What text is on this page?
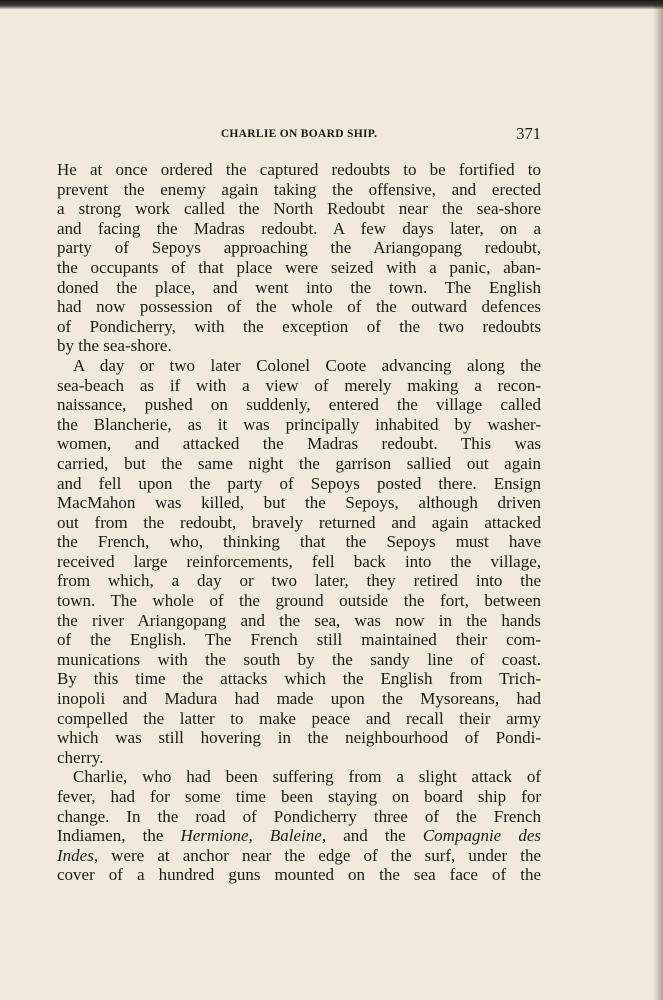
CHARLIE ON BOARD SHIP.	371
He at once ordered the captured redoubts to be fortified to
prevent the enemy again taking the offensive, and erected
a strong work called the North Redoubt near the sea-shore
and facing the Madras redoubt. A few days later, on a
party of Sepoys approaching the Ariangopang redoubt,
the occupants of that place were seized with a panic, aban-
doned the place, and went into the town. The English
had now possession of the whole of the outward defences
of Pondicherry, with the exception of the two redoubts
by the sea-shore.
A day or two later Colonel Coote advancing along the
sea-beach as if with a view of merely making a recon-
naissance, pushed on suddenly, entered the village called
the Blancherie, as it was principally inhabited by washer-
women, and attacked the Madras redoubt. This was
carried, but the same night the garrison sallied out again
and fell upon the party of Sepoys posted there. Ensign
MacMahon was killed, but the Sepoys, although driven
out from the redoubt, bravely returned and again attacked
the French, who, thinking that the Sepoys must have
received large reinforcements, fell back into the village,
from which, a day or two later, they retired into the
town. The whole of the ground outside the fort, between
the river Ariangopang and the sea, was now in the hands
of the English. The French still maintained their com-
munications with the south by the sandy line of coast.
By this time the attacks which the English from Trich-
inopoli and Madura had made upon the Mysoreans, had
compelled the latter to make peace and recall their army
which was still hovering in the neighbourhood of Pondi-
cherry.
Charlie, who had been suffering from a slight attack of
fever, had for some time been staying on board ship for
change. In the road of Pondicherry three of the French
Indiamen, the Hermione, Baleine, and the Compagnie des
Indes, were at anchor near the edge of the surf, under the
cover of a hundred guns mounted on the sea face of the
